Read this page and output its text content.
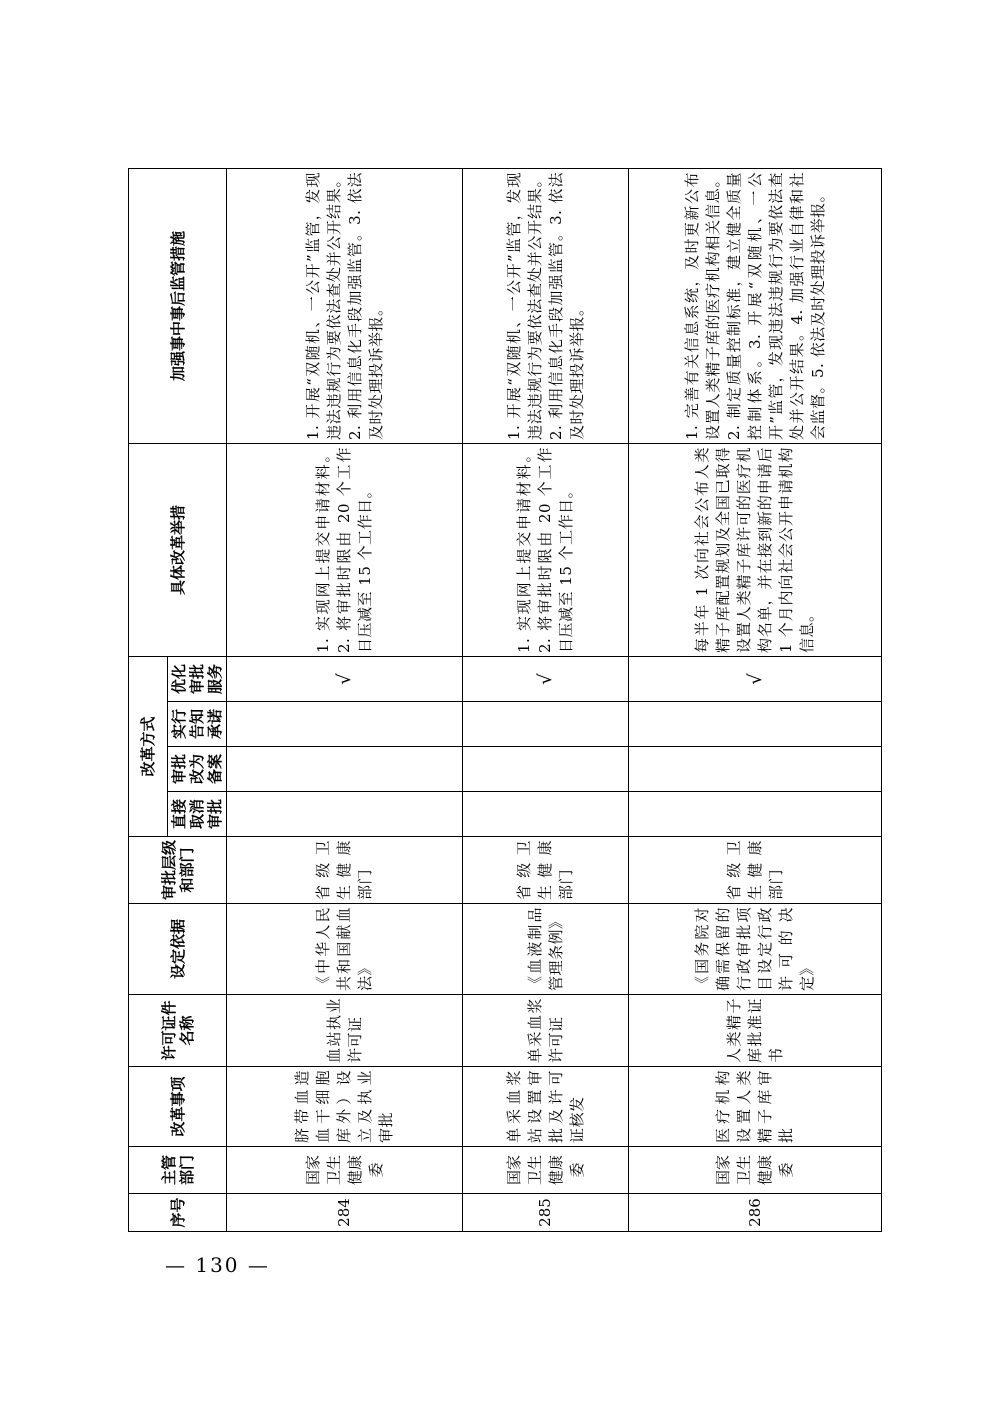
序号	主管部门	改革事项	许可证件名称	设定依据	审批层级和部门	改革方式				具体改革举措	加强事中事后监管措施
						直接取消审批	审批改为备案	实行告知承诺	优化审批服务		
284	国家卫生健康委	脐带血造血干细胞库外）设立及执业审批	血站执业许可证	《中华人民共和国献血法》	省级卫生健康部门				√	1. 实现网上提交申请材料。2. 将审批时限由 20 个工作日压减至 15 个工作日。	1. 开展“双随机、一公开”监管，发现违法违规行为要依法查处并公开结果。2. 利用信息化手段加强监管。3. 依法及时处理投诉举报。
285	国家卫生健康委	单采血浆站设置审批及许可证核发	单采血浆许可证	《血液制品管理条例》	省级卫生健康部门				√	1. 实现网上提交申请材料。2. 将审批时限由 20 个工作日压减至 15 个工作日。	1. 开展“双随机、一公开”监管，发现违法违规行为要依法查处并公开结果。2. 利用信息化手段加强监管。3. 依法及时处理投诉举报。
286	国家卫生健康委	医疗机构设置人类精子库审批	人类精子库批准证书	《国务院对确需保留的行政审批项目设定行政许可的决定》	省级卫生健康部门				√	每半年 1 次向社会公布人类精子库配置规划及全国已取得设置人类精子库许可的医疗机构名单，并在接到新的申请后 1 个月内向社会公开申请机构信息。	1. 完善有关信息系统，及时更新公布设置人类精子库的医疗机构相关信息。2. 制定质量控制标准，建立健全质量控制体系。3. 开展“双随机、一公开”监管，发现违法违规行为要依法查处并公开结果。4. 加强行业自律和社会监督。5. 依法及时处理投诉举报。
— 130 —
